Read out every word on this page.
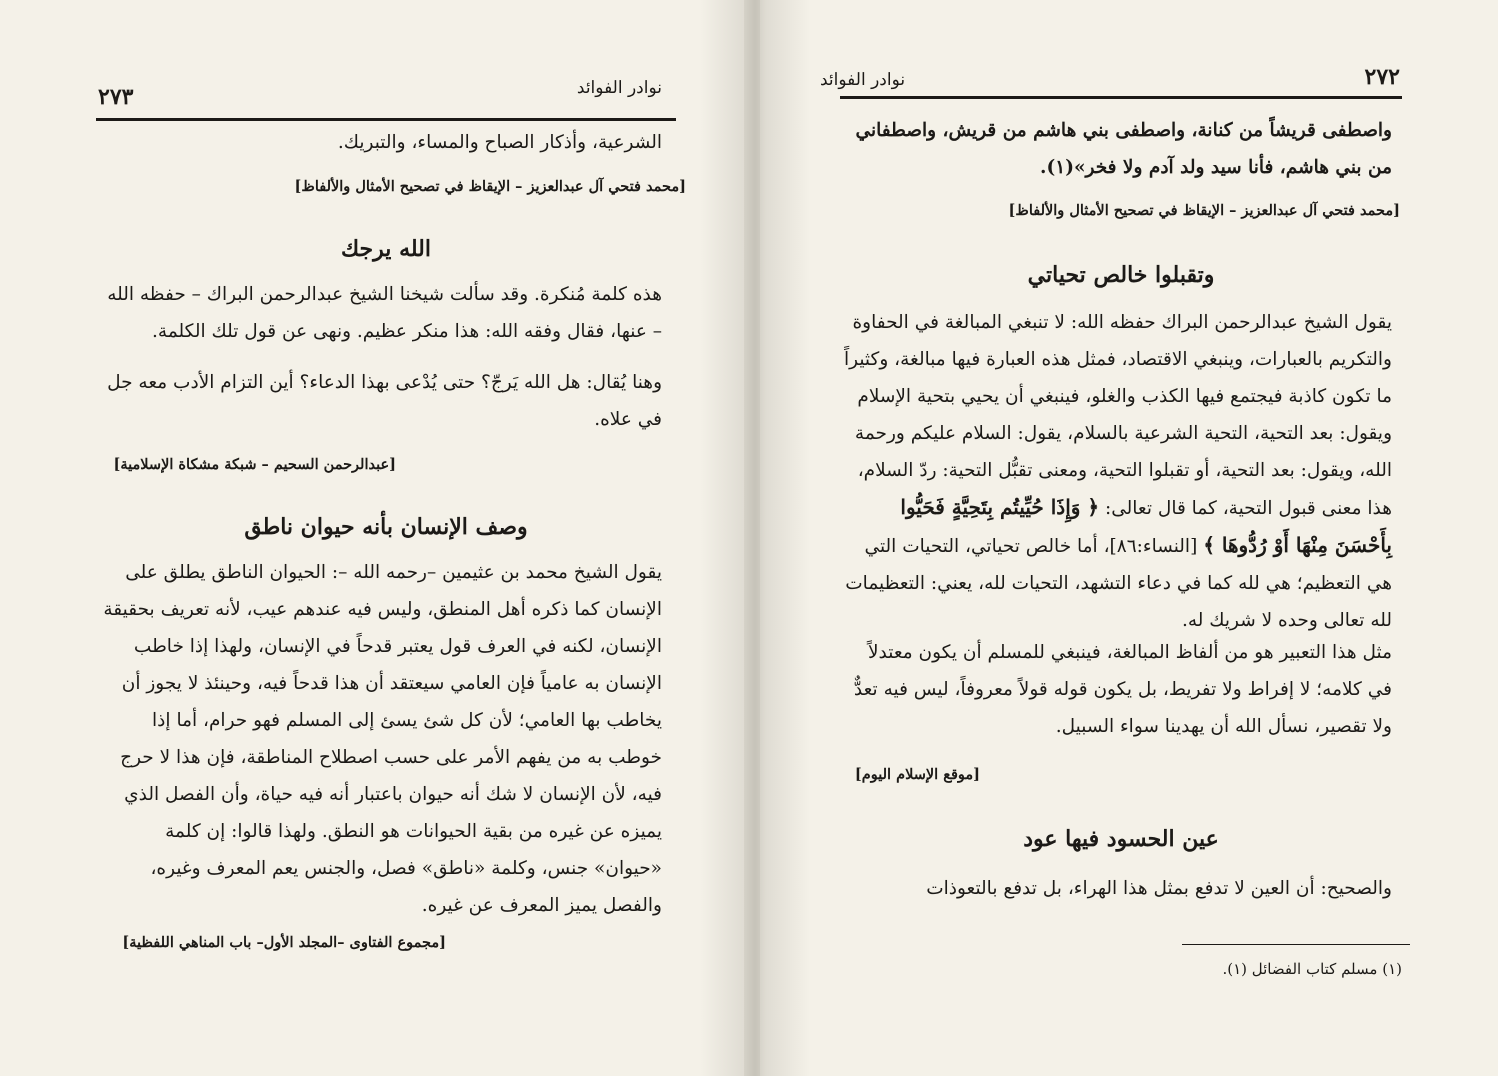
٢٧٣	نوادر الفوائد
الشرعية، وأذكار الصباح والمساء، والتبريك.
[محمد فتحي آل عبدالعزيز – الإيقاظ في تصحيح الأمثال والألفاظ]
الله يرجك
هذه كلمة مُنكرة. وقد سألت شيخنا الشيخ عبدالرحمن البراك – حفظه الله – عنها، فقال وفقه الله: هذا منكر عظيم. ونهى عن قول تلك الكلمة.
وهنا يُقال: هل الله يَرجّ؟ حتى يُدْعى بهذا الدعاء؟ أين التزام الأدب معه جل في علاه.
[عبدالرحمن السحيم – شبكة مشكاة الإسلامية]
وصف الإنسان بأنه حيوان ناطق
يقول الشيخ محمد بن عثيمين –رحمه الله –: الحيوان الناطق يطلق على الإنسان كما ذكره أهل المنطق، وليس فيه عندهم عيب، لأنه تعريف بحقيقة الإنسان، لكنه في العرف قول يعتبر قدحاً في الإنسان، ولهذا إذا خاطب الإنسان به عامياً فإن العامي سيعتقد أن هذا قدحاً فيه، وحينئذ لا يجوز أن يخاطب بها العامي؛ لأن كل شئ يسئ إلى المسلم فهو حرام، أما إذا خوطب به من يفهم الأمر على حسب اصطلاح المناطقة، فإن هذا لا حرج فيه، لأن الإنسان لا شك أنه حيوان باعتبار أنه فيه حياة، وأن الفصل الذي يميزه عن غيره من بقية الحيوانات هو النطق. ولهذا قالوا: إن كلمة «حيوان» جنس، وكلمة «ناطق» فصل، والجنس يعم المعرف وغيره، والفصل يميز المعرف عن غيره.
[مجموع الفتاوى –المجلد الأول– باب المناهي اللفظية]
٢٧٢
نوادر الفوائد
واصطفى قريشاً من كنانة، واصطفى بني هاشم من قريش، واصطفاني من بني هاشم، فأنا سيد ولد آدم ولا فخر»(١).
[محمد فتحي آل عبدالعزيز – الإيقاظ في تصحيح الأمثال والألفاظ]
وتقبلوا خالص تحياتي
يقول الشيخ عبدالرحمن البراك حفظه الله: لا تنبغي المبالغة في الحفاوة والتكريم بالعبارات، وينبغي الاقتصاد، فمثل هذه العبارة فيها مبالغة، وكثيراً ما تكون كاذبة فيجتمع فيها الكذب والغلو، فينبغي أن يحيي بتحية الإسلام ويقول: بعد التحية، التحية الشرعية بالسلام، يقول: السلام عليكم ورحمة الله، ويقول: بعد التحية، أو تقبلوا التحية، ومعنى تقبُّل التحية: ردّ السلام، هذا معنى قبول التحية، كما قال تعالى: ﴿ وَإِذَا حُيِّيتُم بِتَحِيَّةٍ فَحَيُّوا بِأَحْسَنَ مِنْهَا أَوْ رُدُّوهَا ﴾ [النساء:٨٦]، أما خالص تحياتي، التحيات التي هي التعظيم؛ هي لله كما في دعاء التشهد، التحيات لله، يعني: التعظيمات لله تعالى وحده لا شريك له.
مثل هذا التعبير هو من ألفاظ المبالغة، فينبغي للمسلم أن يكون معتدلاً في كلامه؛ لا إفراط ولا تفريط، بل يكون قوله قولاً معروفاً، ليس فيه تعدٌّ ولا تقصير، نسأل الله أن يهدينا سواء السبيل.
[موقع الإسلام اليوم]
عين الحسود فيها عود
والصحيح: أن العين لا تدفع بمثل هذا الهراء، بل تدفع بالتعوذات
(١) مسلم كتاب الفضائل (١).
